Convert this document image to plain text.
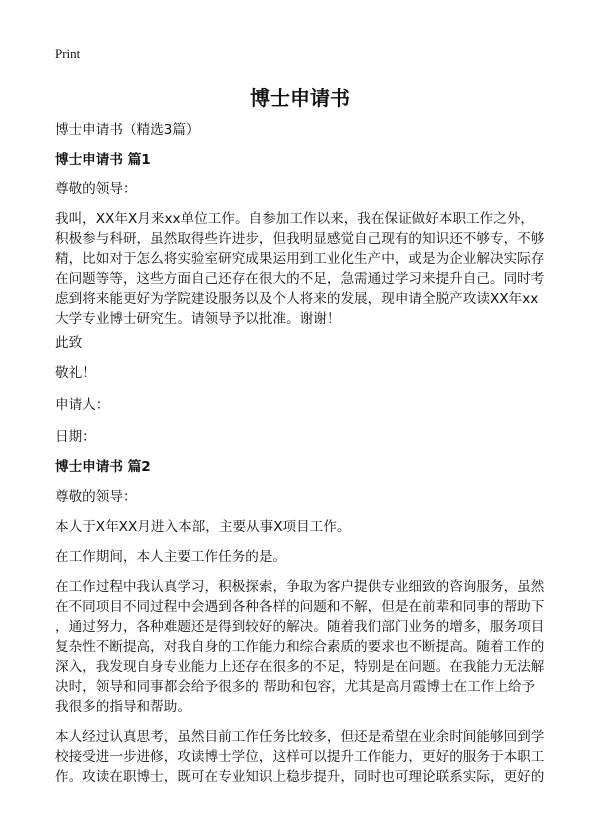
Print
博士申请书
博士申请书（精选3篇）
博士申请书 篇1
尊敬的领导：
我叫，XX年X月来xx单位工作。自参加工作以来，我在保证做好本职工作之外，
积极参与科研，虽然取得些许进步，但我明显感觉自己现有的知识还不够专，不够
精，比如对于怎么将实验室研究成果运用到工业化生产中，或是为企业解决实际存
在问题等等，这些方面自己还存在很大的不足，急需通过学习来提升自己。同时考
虑到将来能更好为学院建设服务以及个人将来的发展，现申请全脱产攻读XX年xx
大学专业博士研究生。请领导予以批准。谢谢！
此致
敬礼！
申请人：
日期：
博士申请书 篇2
尊敬的领导：
本人于X年XX月进入本部，主要从事X项目工作。
在工作期间，本人主要工作任务的是。
在工作过程中我认真学习，积极探索，争取为客户提供专业细致的咨询服务，虽然
在不同项目不同过程中会遇到各种各样的问题和不解，但是在前辈和同事的帮助下
，通过努力，各种难题还是得到较好的解决。随着我们部门业务的增多，服务项目
复杂性不断提高，对我自身的工作能力和综合素质的要求也不断提高。随着工作的
深入，我发现自身专业能力上还存在很多的不足，特别是在问题。在我能力无法解
决时，领导和同事都会给予很多的 帮助和包容，尤其是高月霞博士在工作上给予
我很多的指导和帮助。
本人经过认真思考，虽然目前工作任务比较多，但还是希望在业余时间能够回到学
校接受进一步进修，攻读博士学位，这样可以提升工作能力，更好的服务于本职工
作。攻读在职博士，既可在专业知识上稳步提升，同时也可理论联系实际，更好的
